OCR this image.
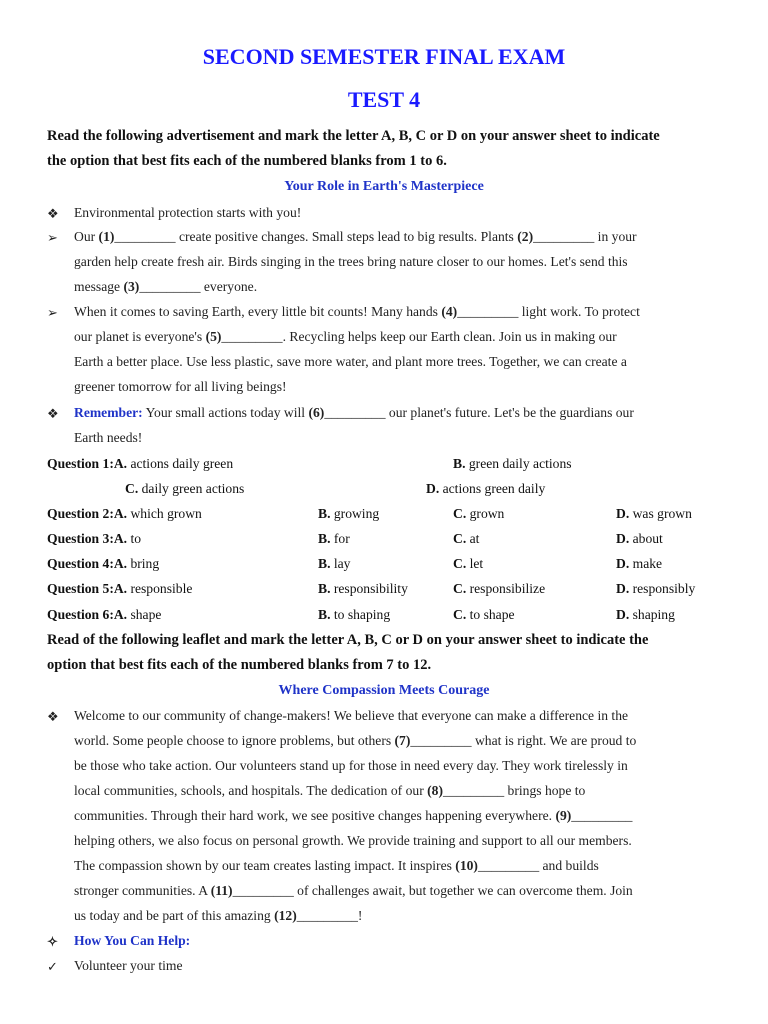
SECOND SEMESTER FINAL EXAM
TEST 4
Read the following advertisement and mark the letter A, B, C or D on your answer sheet to indicate
the option that best fits each of the numbered blanks from 1 to 6.
Your Role in Earth's Masterpiece
❖ Environmental protection starts with you!
➢ Our (1)_________ create positive changes. Small steps lead to big results. Plants (2)_________ in your
garden help create fresh air. Birds singing in the trees bring nature closer to our homes. Let's send this
message (3)_________ everyone.
➢ When it comes to saving Earth, every little bit counts! Many hands (4)_________ light work. To protect
our planet is everyone's (5)_________. Recycling helps keep our Earth clean. Join us in making our
Earth a better place. Use less plastic, save more water, and plant more trees. Together, we can create a
greener tomorrow for all living beings!
❖ Remember: Your small actions today will (6)_________ our planet's future. Let's be the guardians our
Earth needs!
Question 1:A. actions daily green	B. green daily actions
C. daily green actions	D. actions green daily
Question 2:A. which grown	B. growing	C. grown	D. was grown
Question 3:A. to	B. for	C. at	D. about
Question 4:A. bring	B. lay	C. let	D. make
Question 5:A. responsible	B. responsibility	C. responsibilize	D. responsibly
Question 6:A. shape	B. to shaping	C. to shape	D. shaping
Read of the following leaflet and mark the letter A, B, C or D on your answer sheet to indicate the
option that best fits each of the numbered blanks from 7 to 12.
Where Compassion Meets Courage
❖ Welcome to our community of change-makers! We believe that everyone can make a difference in the
world. Some people choose to ignore problems, but others (7)_________ what is right. We are proud to
be those who take action. Our volunteers stand up for those in need every day. They work tirelessly in
local communities, schools, and hospitals. The dedication of our (8)_________ brings hope to
communities. Through their hard work, we see positive changes happening everywhere. (9)_________
helping others, we also focus on personal growth. We provide training and support to all our members.
The compassion shown by our team creates lasting impact. It inspires (10)_________ and builds
stronger communities. A (11)_________ of challenges await, but together we can overcome them. Join
us today and be part of this amazing (12)_________!
✧ How You Can Help:
✓ Volunteer your time
